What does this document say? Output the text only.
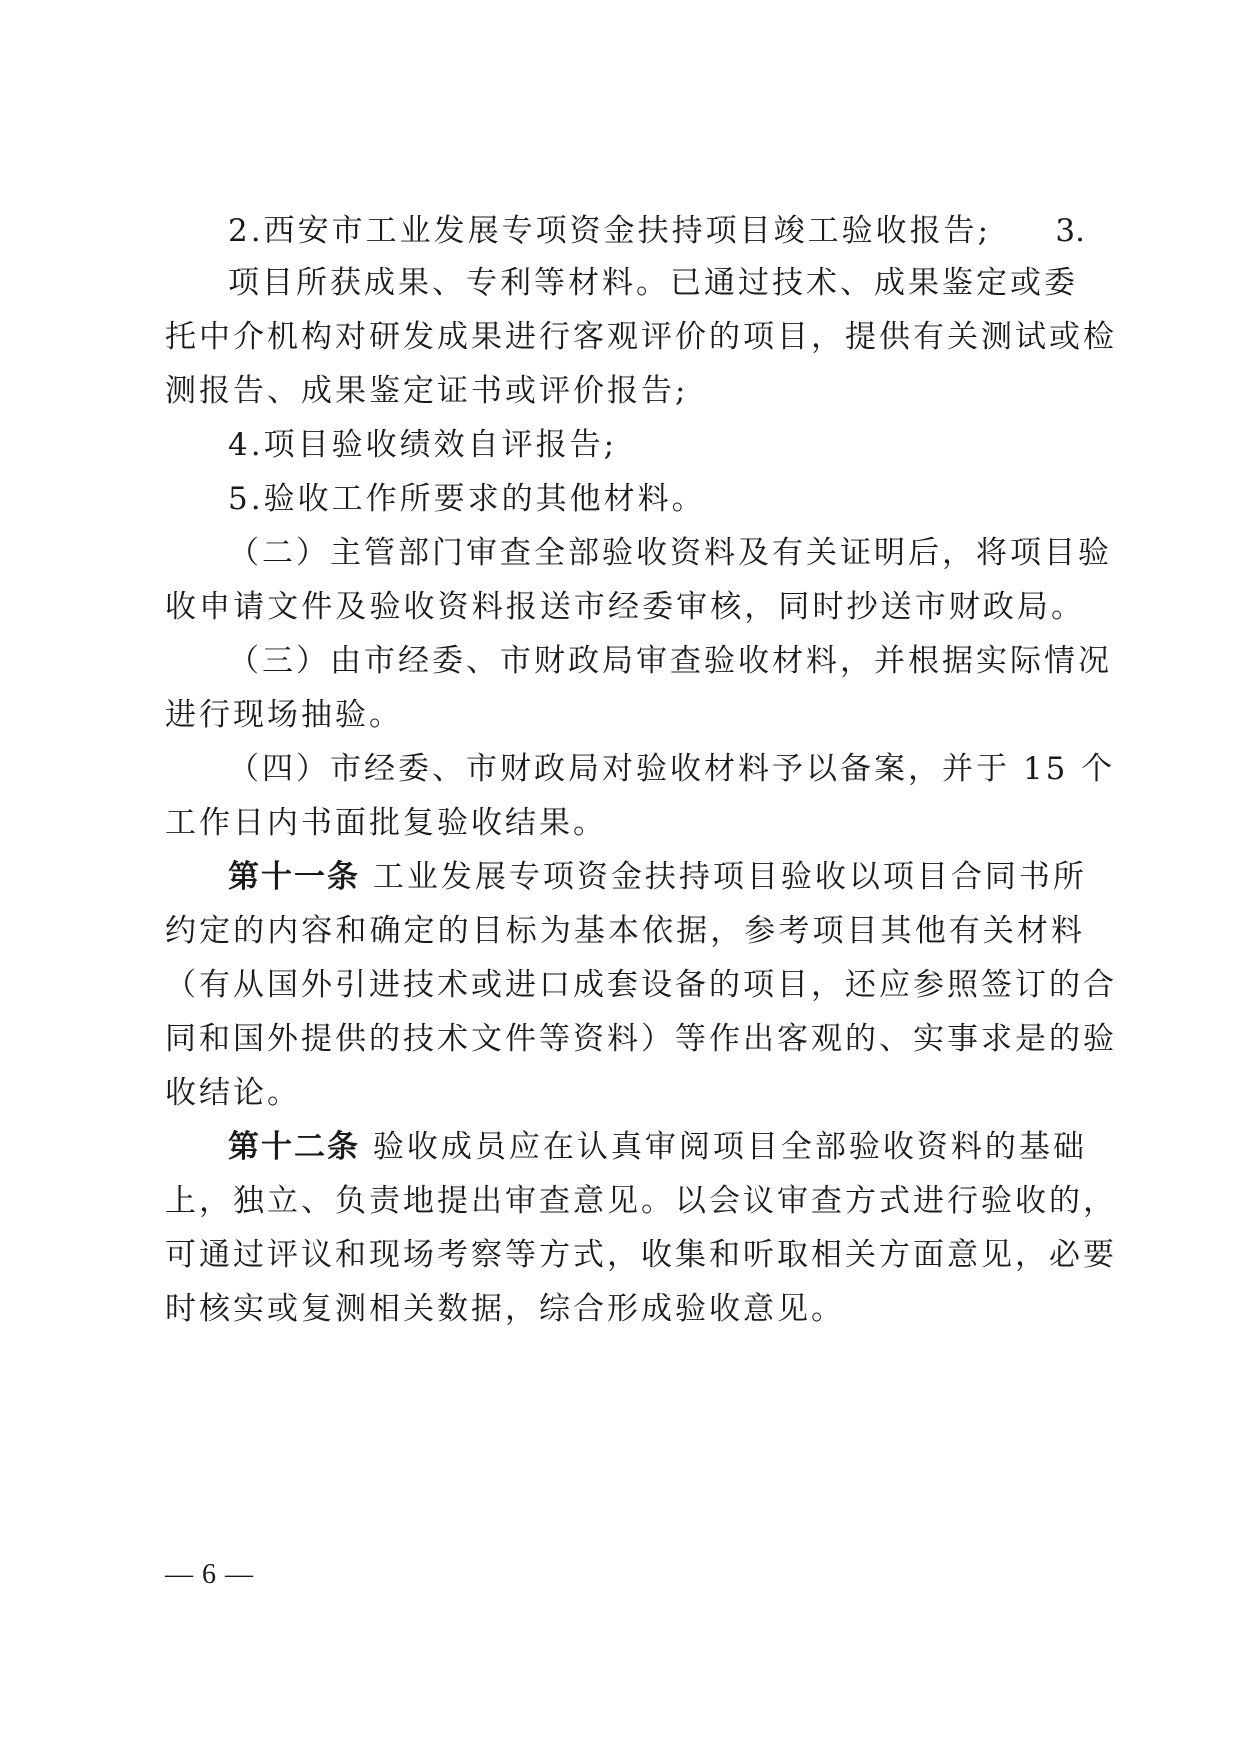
2.西安市工业发展专项资金扶持项目竣工验收报告;	3.
项目所获成果、专利等材料。已通过技术、成果鉴定或委
托中介机构对研发成果进行客观评价的项目，提供有关测试或检
测报告、成果鉴定证书或评价报告;
4.项目验收绩效自评报告;
5.验收工作所要求的其他材料。
（二）主管部门审查全部验收资料及有关证明后，将项目验
收申请文件及验收资料报送市经委审核，同时抄送市财政局。
（三）由市经委、市财政局审查验收材料，并根据实际情况
进行现场抽验。
（四）市经委、市财政局对验收材料予以备案，并于 15 个
工作日内书面批复验收结果。
第十一条 工业发展专项资金扶持项目验收以项目合同书所
约定的内容和确定的目标为基本依据，参考项目其他有关材料
（有从国外引进技术或进口成套设备的项目，还应参照签订的合
同和国外提供的技术文件等资料）等作出客观的、实事求是的验
收结论。
第十二条 验收成员应在认真审阅项目全部验收资料的基础
上，独立、负责地提出审查意见。以会议审查方式进行验收的，
可通过评议和现场考察等方式，收集和听取相关方面意见，必要
时核实或复测相关数据，综合形成验收意见。
— 6 —
